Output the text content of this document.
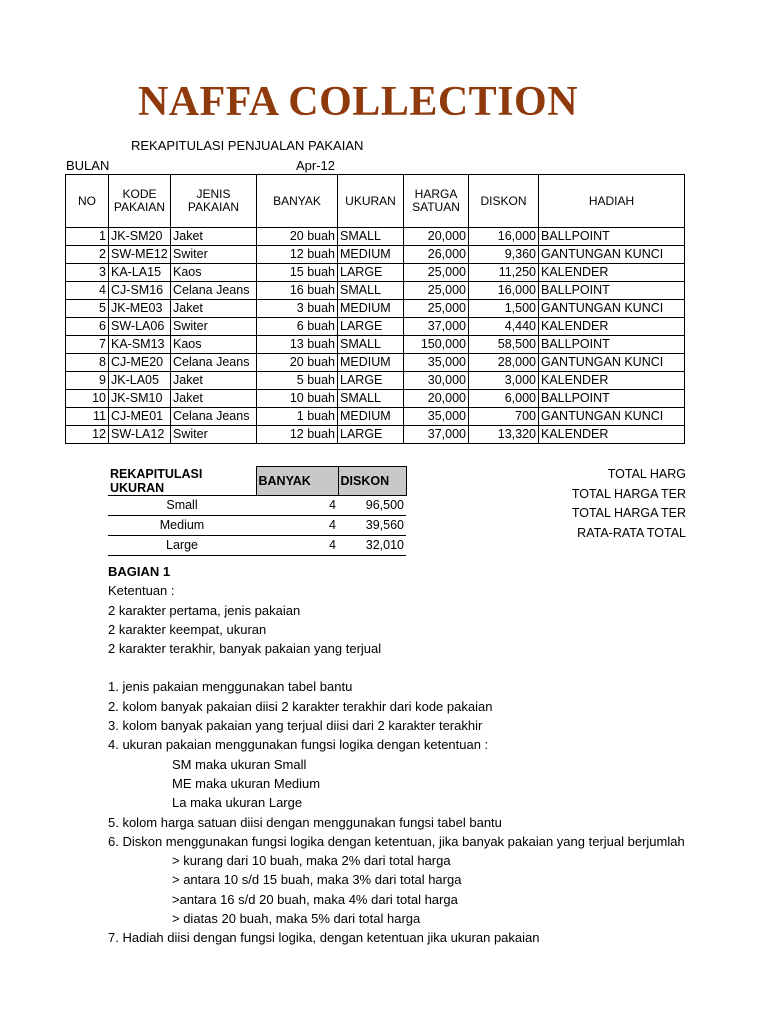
NAFFA COLLECTION
REKAPITULASI PENJUALAN PAKAIAN
BULAN	Apr-12
NO	KODE PAKAIAN	JENIS PAKAIAN	BANYAK	UKURAN	HARGA SATUAN	DISKON	HADIAH
1	JK-SM20	Jaket	20 buah	SMALL	20,000	16,000	BALLPOINT
2	SW-ME12	Switer	12 buah	MEDIUM	26,000	9,360	GANTUNGAN KUNCI
3	KA-LA15	Kaos	15 buah	LARGE	25,000	11,250	KALENDER
4	CJ-SM16	Celana Jeans	16 buah	SMALL	25,000	16,000	BALLPOINT
5	JK-ME03	Jaket	3 buah	MEDIUM	25,000	1,500	GANTUNGAN KUNCI
6	SW-LA06	Switer	6 buah	LARGE	37,000	4,440	KALENDER
7	KA-SM13	Kaos	13 buah	SMALL	150,000	58,500	BALLPOINT
8	CJ-ME20	Celana Jeans	20 buah	MEDIUM	35,000	28,000	GANTUNGAN KUNCI
9	JK-LA05	Jaket	5 buah	LARGE	30,000	3,000	KALENDER
10	JK-SM10	Jaket	10 buah	SMALL	20,000	6,000	BALLPOINT
11	CJ-ME01	Celana Jeans	1 buah	MEDIUM	35,000	700	GANTUNGAN KUNCI
12	SW-LA12	Switer	12 buah	LARGE	37,000	13,320	KALENDER
REKAPITULASI UKURAN	BANYAK	DISKON
Small	4	96,500
Medium	4	39,560
Large	4	32,010
TOTAL HARG
TOTAL HARGA TER
TOTAL HARGA TER
RATA-RATA TOTAL
BAGIAN 1
Ketentuan :
2 karakter pertama, jenis pakaian
2 karakter keempat, ukuran
2 karakter terakhir, banyak pakaian yang terjual
1. jenis pakaian menggunakan tabel bantu
2. kolom banyak pakaian diisi 2 karakter terakhir dari kode pakaian
3. kolom banyak pakaian yang terjual diisi dari 2 karakter terakhir
4. ukuran pakaian menggunakan fungsi logika dengan ketentuan :
SM maka ukuran Small
ME maka ukuran Medium
La maka ukuran Large
5. kolom harga satuan diisi dengan menggunakan fungsi tabel bantu
6. Diskon menggunakan fungsi logika dengan ketentuan, jika banyak pakaian yang terjual berjumlah
> kurang dari 10 buah, maka 2% dari total harga
> antara 10 s/d 15 buah, maka 3% dari total harga
>antara 16 s/d 20 buah, maka 4% dari total harga
> diatas 20 buah, maka 5% dari total harga
7. Hadiah diisi dengan fungsi logika, dengan ketentuan jika ukuran pakaian
